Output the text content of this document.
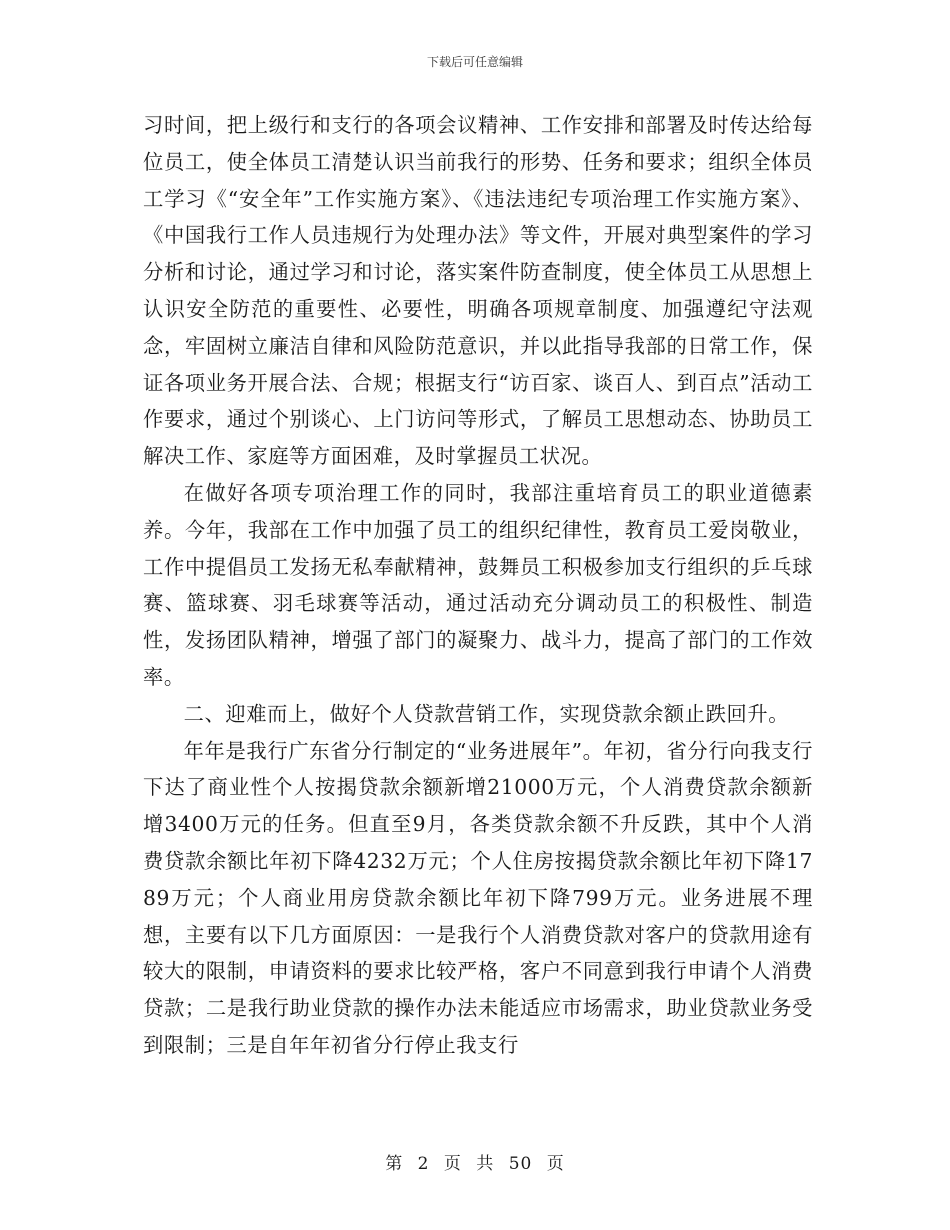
下载后可任意编辑

习时间，把上级行和支行的各项会议精神、工作安排和部署及时传达给每位员工，使全体员工清楚认识当前我行的形势、任务和要求；组织全体员工学习《“安全年”工作实施方案》、《违法违纪专项治理工作实施方案》、《中国我行工作人员违规行为处理办法》等文件，开展对典型案件的学习分析和讨论，通过学习和讨论，落实案件防查制度，使全体员工从思想上认识安全防范的重要性、必要性，明确各项规章制度、加强遵纪守法观念，牢固树立廉洁自律和风险防范意识，并以此指导我部的日常工作，保证各项业务开展合法、合规；根据支行“访百家、谈百人、到百点”活动工作要求，通过个别谈心、上门访问等形式，了解员工思想动态、协助员工解决工作、家庭等方面困难，及时掌握员工状况。

在做好各项专项治理工作的同时，我部注重培育员工的职业道德素养。今年，我部在工作中加强了员工的组织纪律性，教育员工爱岗敬业，工作中提倡员工发扬无私奉献精神，鼓舞员工积极参加支行组织的乒乓球赛、篮球赛、羽毛球赛等活动，通过活动充分调动员工的积极性、制造性，发扬团队精神，增强了部门的凝聚力、战斗力，提高了部门的工作效率。

二、迎难而上，做好个人贷款营销工作，实现贷款余额止跌回升。

年年是我行广东省分行制定的“业务进展年”。年初，省分行向我支行下达了商业性个人按揭贷款余额新增21000万元，个人消费贷款余额新增3400万元的任务。但直至9月，各类贷款余额不升反跌，其中个人消费贷款余额比年初下降4232万元；个人住房按揭贷款余额比年初下降1789万元；个人商业用房贷款余额比年初下降799万元。业务进展不理想，主要有以下几方面原因：一是我行个人消费贷款对客户的贷款用途有较大的限制，申请资料的要求比较严格，客户不同意到我行申请个人消费贷款；二是我行助业贷款的操作办法未能适应市场需求，助业贷款业务受到限制；三是自年年初省分行停止我支行

第 2 页 共 50 页
